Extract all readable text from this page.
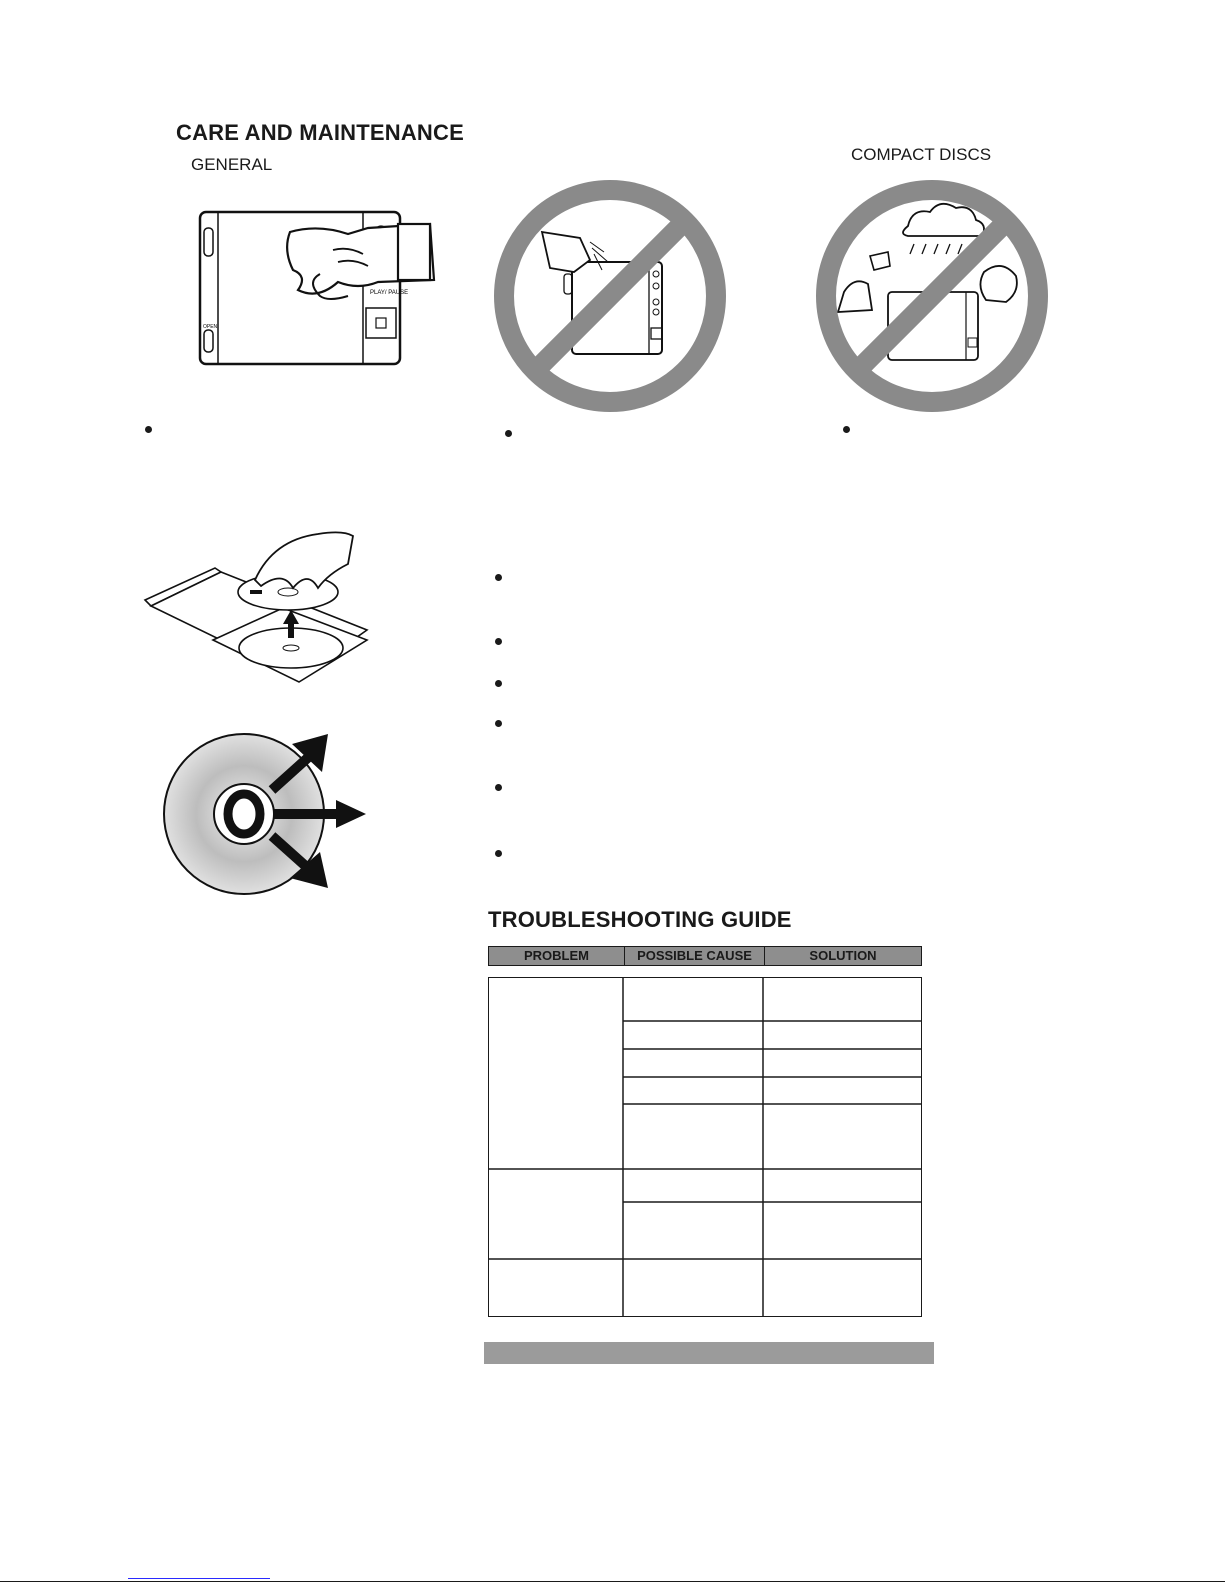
CARE AND MAINTENANCE
GENERAL
COMPACT DISCS
PLAY/ PAUSE
OPEN
TROUBLESHOOTING GUIDE
PROBLEM	POSSIBLE CAUSE	SOLUTION
